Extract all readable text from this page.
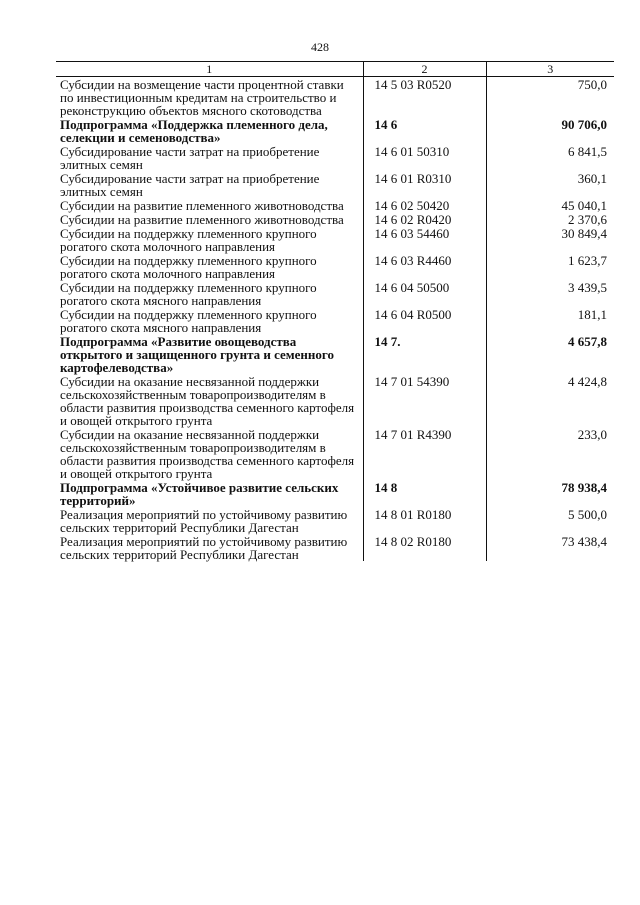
428
1	2	3
Субсидии на возмещение части процентной ставки по инвестиционным кредитам на строительство и реконструкцию объектов мясного скотоводства	14 5 03 R0520	750,0
Подпрограмма «Поддержка племенного дела, селекции и семеноводства»	14 6	90 706,0
Субсидирование части затрат на приобретение элитных семян	14 6 01 50310	6 841,5
Субсидирование части затрат на приобретение элитных семян	14 6 01 R0310	360,1
Субсидии на развитие племенного животноводства	14 6 02 50420	45 040,1
Субсидии на развитие племенного животноводства	14 6 02 R0420	2 370,6
Субсидии на поддержку племенного крупного рогатого скота молочного направления	14 6 03 54460	30 849,4
Субсидии на поддержку племенного крупного рогатого скота молочного направления	14 6 03 R4460	1 623,7
Субсидии на поддержку племенного крупного рогатого скота мясного направления	14 6 04 50500	3 439,5
Субсидии на поддержку племенного крупного рогатого скота мясного направления	14 6 04 R0500	181,1
Подпрограмма «Развитие овощеводства открытого и защищенного грунта и семенного картофелеводства»	14 7.	4 657,8
Субсидии на оказание несвязанной поддержки сельскохозяйственным товаропроизводителям в области развития производства семенного картофеля и овощей открытого грунта	14 7 01 54390	4 424,8
Субсидии на оказание несвязанной поддержки сельскохозяйственным товаропроизводителям в области развития производства семенного картофеля и овощей открытого грунта	14 7 01 R4390	233,0
Подпрограмма «Устойчивое развитие сельских территорий»	14 8	78 938,4
Реализация мероприятий по устойчивому развитию сельских территорий Республики Дагестан	14 8 01 R0180	5 500,0
Реализация мероприятий по устойчивому развитию сельских территорий Республики Дагестан	14 8 02 R0180	73 438,4
